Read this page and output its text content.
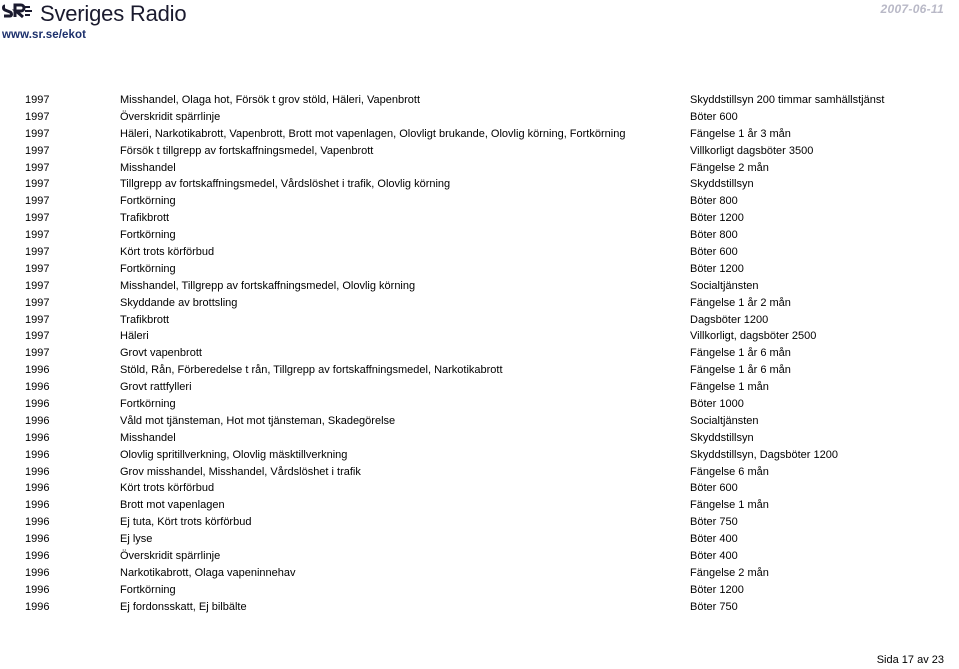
Sveriges Radio
www.sr.se/ekot
2007-06-11
1997	Misshandel, Olaga hot, Försök t grov stöld, Häleri, Vapenbrott	Skyddstillsyn 200 timmar samhällstjänst
1997	Överskridit spärrlinje	Böter 600
1997	Häleri, Narkotikabrott, Vapenbrott, Brott mot vapenlagen, Olovligt brukande, Olovlig körning, Fortkörning	Fängelse 1 år 3 mån
1997	Försök t tillgrepp av fortskaffningsmedel, Vapenbrott	Villkorligt dagsböter 3500
1997	Misshandel	Fängelse 2 mån
1997	Tillgrepp av fortskaffningsmedel, Vårdslöshet i trafik, Olovlig körning	Skyddstillsyn
1997	Fortkörning	Böter 800
1997	Trafikbrott	Böter 1200
1997	Fortkörning	Böter 800
1997	Kört trots körförbud	Böter 600
1997	Fortkörning	Böter 1200
1997	Misshandel, Tillgrepp av fortskaffningsmedel, Olovlig körning	Socialtjänsten
1997	Skyddande av brottsling	Fängelse 1 år 2 mån
1997	Trafikbrott	Dagsböter 1200
1997	Häleri	Villkorligt, dagsböter 2500
1997	Grovt vapenbrott	Fängelse 1 år 6 mån
1996	Stöld, Rån, Förberedelse t rån, Tillgrepp av fortskaffningsmedel, Narkotikabrott	Fängelse 1 år 6 mån
1996	Grovt rattfylleri	Fängelse 1 mån
1996	Fortkörning	Böter 1000
1996	Våld mot tjänsteman, Hot mot tjänsteman, Skadegörelse	Socialtjänsten
1996	Misshandel	Skyddstillsyn
1996	Olovlig spritillverkning, Olovlig mäsktillverkning	Skyddstillsyn, Dagsböter 1200
1996	Grov misshandel, Misshandel, Vårdslöshet i trafik	Fängelse 6 mån
1996	Kört trots körförbud	Böter 600
1996	Brott mot vapenlagen	Fängelse 1 mån
1996	Ej tuta, Kört trots körförbud	Böter 750
1996	Ej lyse	Böter 400
1996	Överskridit spärrlinje	Böter 400
1996	Narkotikabrott, Olaga vapeninnehav	Fängelse 2 mån
1996	Fortkörning	Böter 1200
1996	Ej fordonsskatt, Ej bilbälte	Böter 750
Sida 17 av 23
